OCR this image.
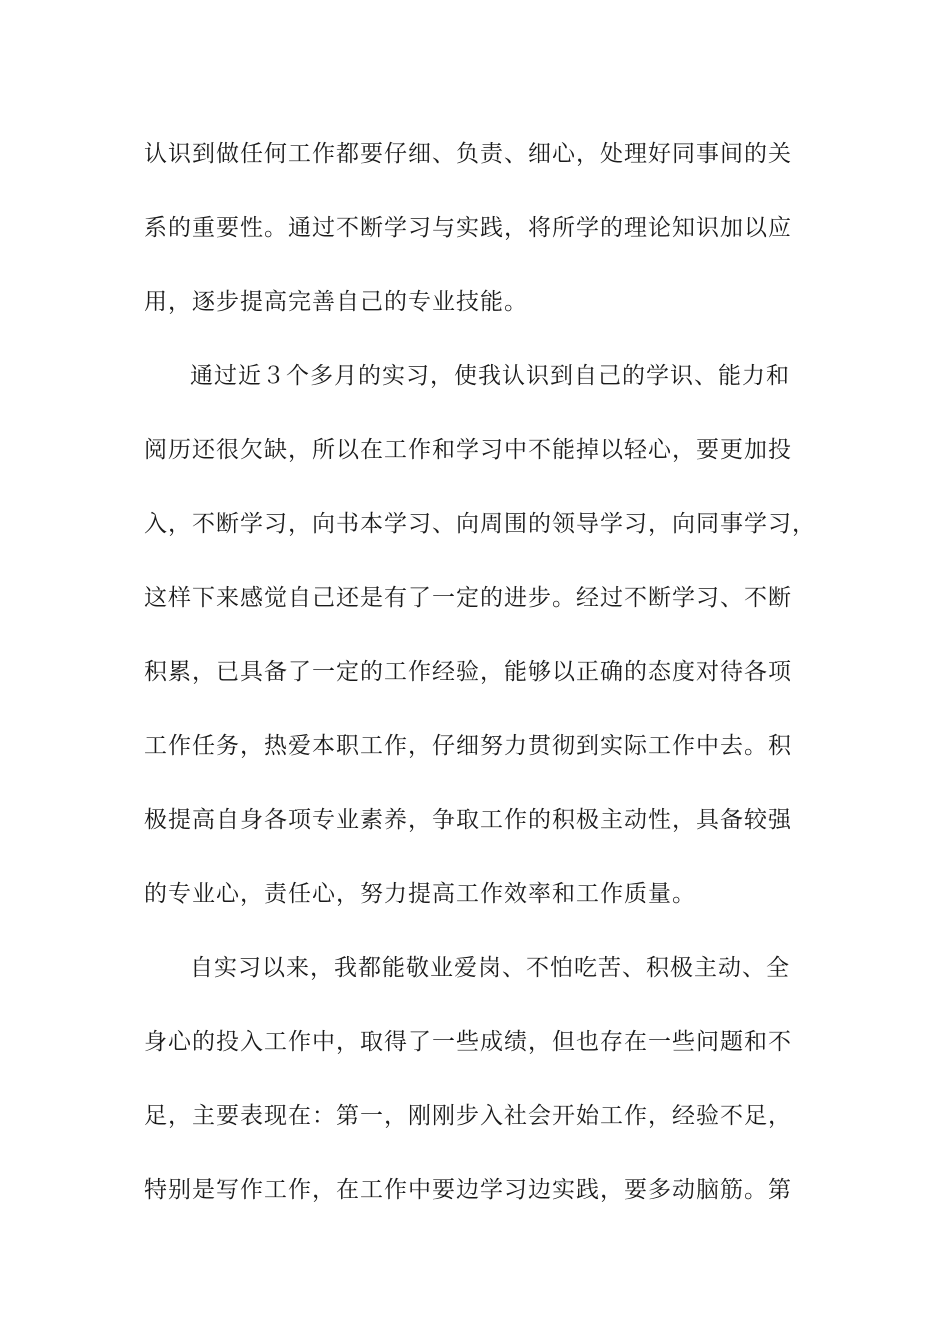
认识到做任何工作都要仔细、负责、细心，处理好同事间的关
系的重要性。通过不断学习与实践，将所学的理论知识加以应
用，逐步提高完善自己的专业技能。
通过近３个多月的实习，使我认识到自己的学识、能力和
阅历还很欠缺，所以在工作和学习中不能掉以轻心，要更加投
入，不断学习，向书本学习、向周围的领导学习，向同事学习，
这样下来感觉自己还是有了一定的进步。经过不断学习、不断
积累，已具备了一定的工作经验，能够以正确的态度对待各项
工作任务，热爱本职工作，仔细努力贯彻到实际工作中去。积
极提高自身各项专业素养，争取工作的积极主动性，具备较强
的专业心，责任心，努力提高工作效率和工作质量。
自实习以来，我都能敬业爱岗、不怕吃苦、积极主动、全
身心的投入工作中，取得了一些成绩，但也存在一些问题和不
足，主要表现在：第一，刚刚步入社会开始工作，经验不足，
特别是写作工作，在工作中要边学习边实践，要多动脑筋。第
